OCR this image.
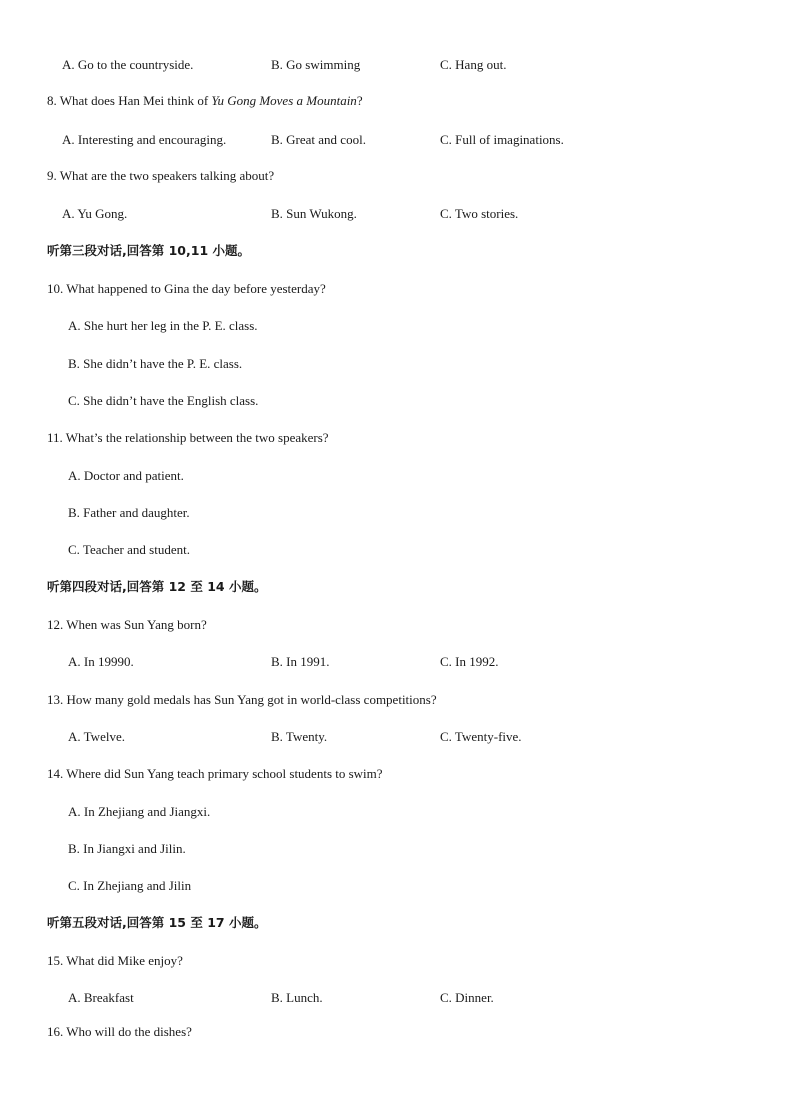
A. Go to the countryside.	B. Go swimming	C. Hang out.
8. What does Han Mei think of Yu Gong Moves a Mountain?
A. Interesting and encouraging.	B. Great and cool.	C. Full of imaginations.
9. What are the two speakers talking about?
A. Yu Gong.	B. Sun Wukong.	C. Two stories.
听第三段对话,回答第 10,11 小题。
10. What happened to Gina the day before yesterday?
A. She hurt her leg in the P. E. class.
B. She didn’t have the P. E. class.
C. She didn’t have the English class.
11. What’s the relationship between the two speakers?
A. Doctor and patient.
B. Father and daughter.
C. Teacher and student.
听第四段对话,回答第 12 至 14 小题。
12. When was Sun Yang born?
A. In 19990.	B. In 1991.	C. In 1992.
13. How many gold medals has Sun Yang got in world-class competitions?
A. Twelve.	B. Twenty.	C. Twenty-five.
14. Where did Sun Yang teach primary school students to swim?
A. In Zhejiang and Jiangxi.
B. In Jiangxi and Jilin.
C. In Zhejiang and Jilin
听第五段对话,回答第 15 至 17 小题。
15. What did Mike enjoy?
A. Breakfast	B. Lunch.	C. Dinner.
16. Who will do the dishes?
